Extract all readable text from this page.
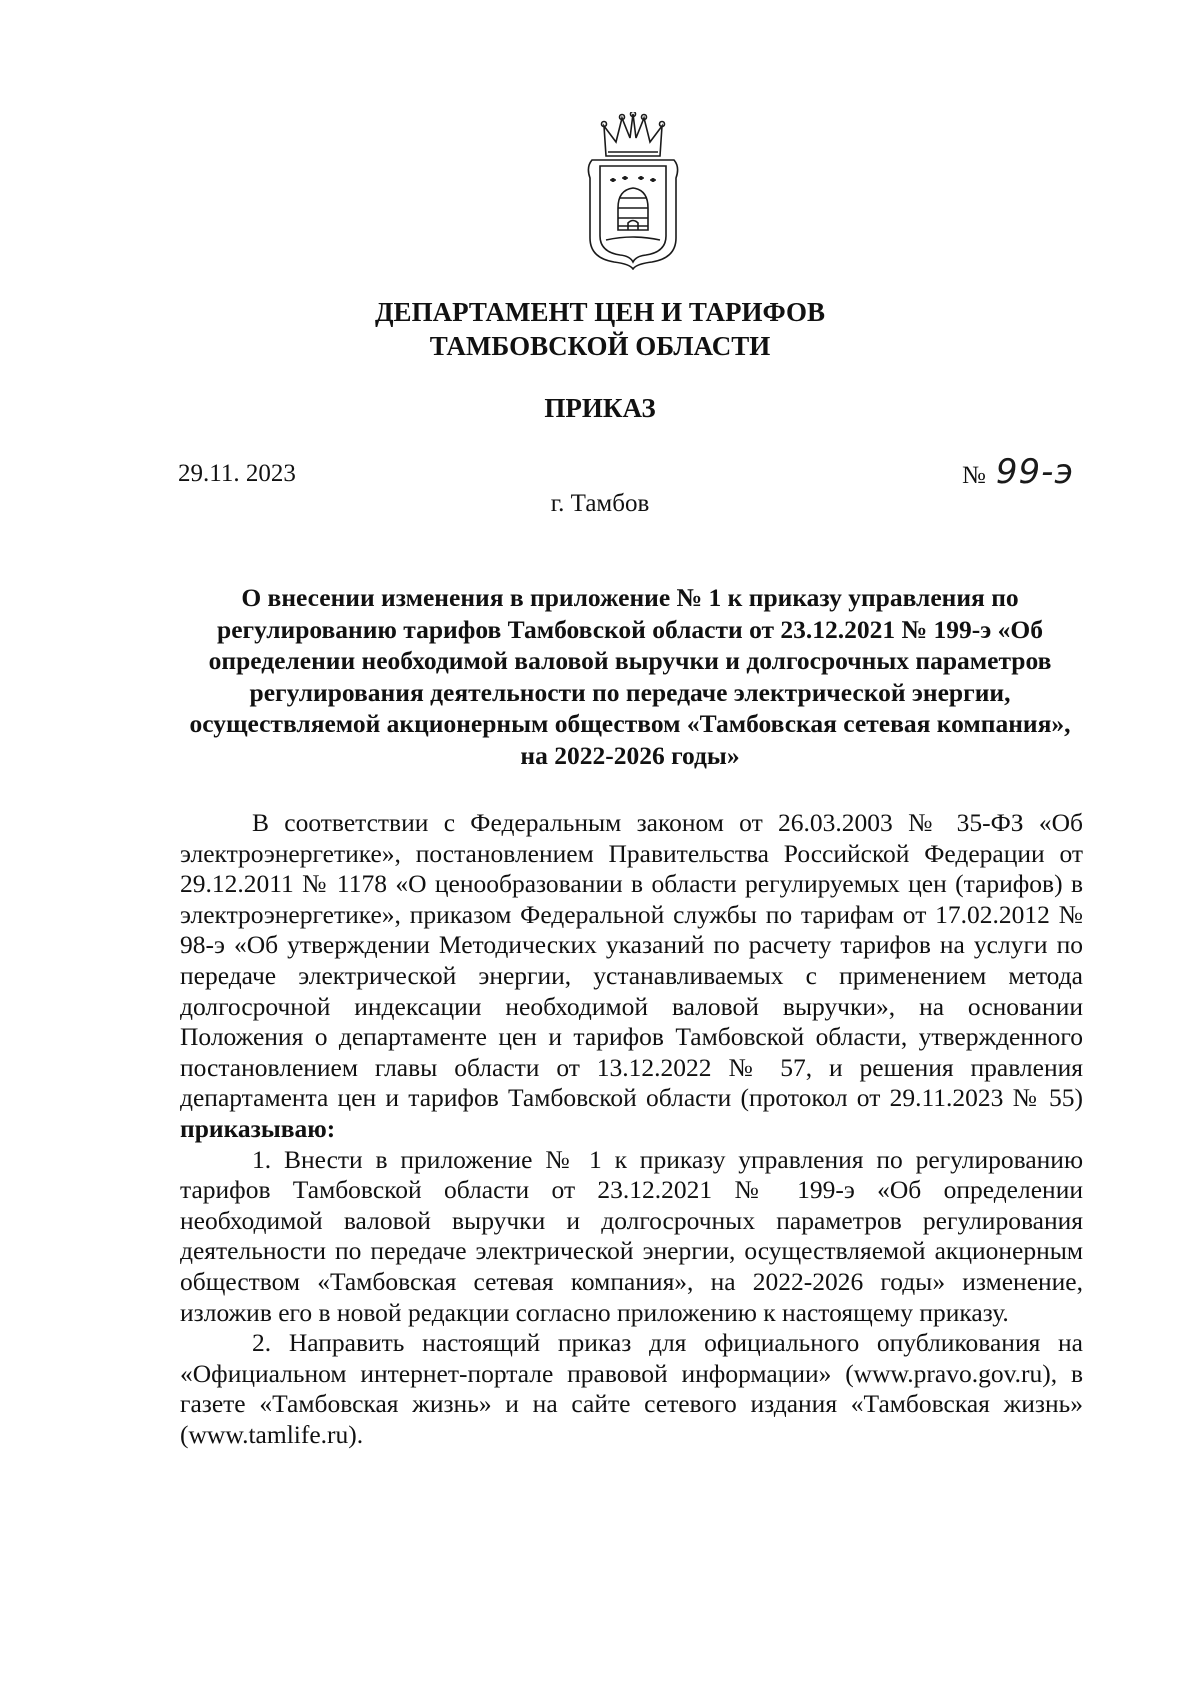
ДЕПАРТАМЕНТ ЦЕН И ТАРИФОВ
ТАМБОВСКОЙ ОБЛАСТИ
ПРИКАЗ
29.11. 2023	№ 99-э
г. Тамбов
О внесении изменения в приложение № 1 к приказу управления по регулированию тарифов Тамбовской области от 23.12.2021 № 199-э «Об определении необходимой валовой выручки и долгосрочных параметров регулирования деятельности по передаче электрической энергии, осуществляемой акционерным обществом «Тамбовская сетевая компания», на 2022-2026 годы»

В соответствии с Федеральным законом от 26.03.2003 № 35-ФЗ «Об электроэнергетике», постановлением Правительства Российской Федерации от 29.12.2011 № 1178 «О ценообразовании в области регулируемых цен (тарифов) в электроэнергетике», приказом Федеральной службы по тарифам от 17.02.2012 № 98-э «Об утверждении Методических указаний по расчету тарифов на услуги по передаче электрической энергии, устанавливаемых с применением метода долгосрочной индексации необходимой валовой выручки», на основании Положения о департаменте цен и тарифов Тамбовской области, утвержденного постановлением главы области от 13.12.2022 № 57, и решения правления департамента цен и тарифов Тамбовской области (протокол от 29.11.2023 № 55) приказываю:

1. Внести в приложение № 1 к приказу управления по регулированию тарифов Тамбовской области от 23.12.2021 № 199-э «Об определении необходимой валовой выручки и долгосрочных параметров регулирования деятельности по передаче электрической энергии, осуществляемой акционерным обществом «Тамбовская сетевая компания», на 2022-2026 годы» изменение, изложив его в новой редакции согласно приложению к настоящему приказу.

2. Направить настоящий приказ для официального опубликования на «Официальном интернет-портале правовой информации» (www.pravo.gov.ru), в газете «Тамбовская жизнь» и на сайте сетевого издания «Тамбовская жизнь» (www.tamlife.ru).
